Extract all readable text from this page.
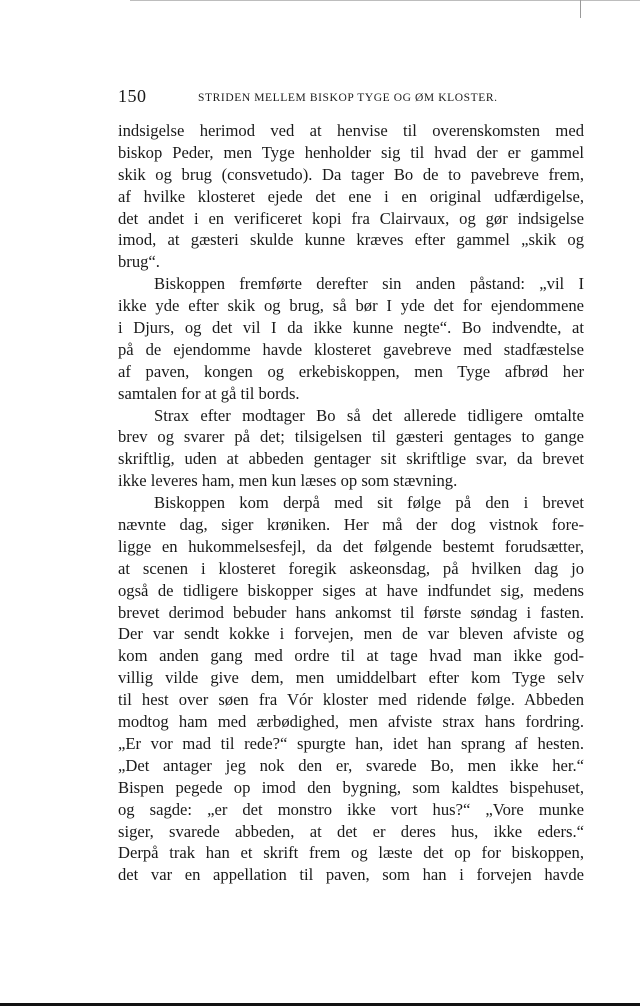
150	STRIDEN MELLEM BISKOP TYGE OG ØM KLOSTER.
indsigelse herimod ved at henvise til overenskomsten med
biskop Peder, men Tyge henholder sig til hvad der er gammel
skik og brug (consvetudo). Da tager Bo de to pavebreve frem,
af hvilke klosteret ejede det ene i en original udfærdigelse,
det andet i en verificeret kopi fra Clairvaux, og gør indsigelse
imod, at gæsteri skulde kunne kræves efter gammel „skik og
brug“.
Biskoppen fremførte derefter sin anden påstand: „vil I
ikke yde efter skik og brug, så bør I yde det for ejendommene
i Djurs, og det vil I da ikke kunne negte“. Bo indvendte, at
på de ejendomme havde klosteret gavebreve med stadfæstelse
af paven, kongen og erkebiskoppen, men Tyge afbrød her
samtalen for at gå til bords.
Strax efter modtager Bo så det allerede tidligere omtalte
brev og svarer på det; tilsigelsen til gæsteri gentages to gange
skriftlig, uden at abbeden gentager sit skriftlige svar, da brevet
ikke leveres ham, men kun læses op som stævning.
Biskoppen kom derpå med sit følge på den i brevet
nævnte dag, siger krøniken. Her må der dog vistnok fore-
ligge en hukommelsesfejl, da det følgende bestemt forudsætter,
at scenen i klosteret foregik askeonsdag, på hvilken dag jo
også de tidligere biskopper siges at have indfundet sig, medens
brevet derimod bebuder hans ankomst til første søndag i fasten.
Der var sendt kokke i forvejen, men de var bleven afviste og
kom anden gang med ordre til at tage hvad man ikke god-
villig vilde give dem, men umiddelbart efter kom Tyge selv
til hest over søen fra Vór kloster med ridende følge. Abbeden
modtog ham med ærbødighed, men afviste strax hans fordring.
„Er vor mad til rede?“ spurgte han, idet han sprang af hesten.
„Det antager jeg nok den er, svarede Bo, men ikke her.“
Bispen pegede op imod den bygning, som kaldtes bispehuset,
og sagde: „er det monstro ikke vort hus?“ „Vore munke
siger, svarede abbeden, at det er deres hus, ikke eders.“
Derpå trak han et skrift frem og læste det op for biskoppen,
det var en appellation til paven, som han i forvejen havde
